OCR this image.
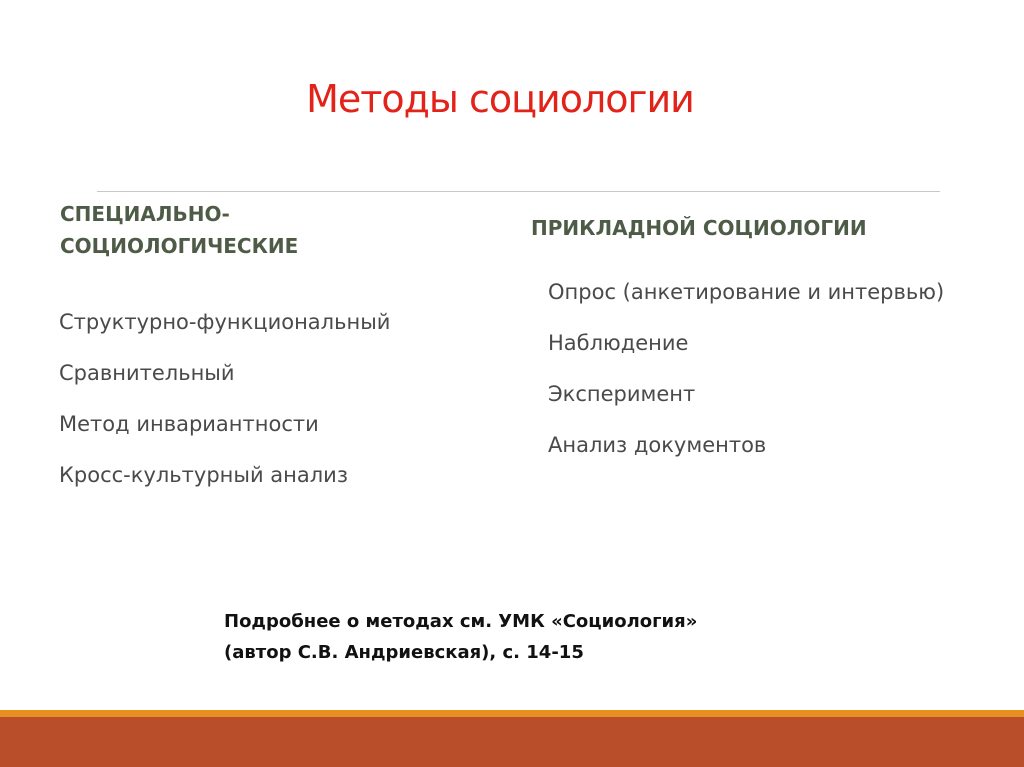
Методы социологии
СПЕЦИАЛЬНО-
СОЦИОЛОГИЧЕСКИЕ
ПРИКЛАДНОЙ СОЦИОЛОГИИ
Структурно-функциональный
Сравнительный
Метод инвариантности
Кросс-культурный анализ
Опрос (анкетирование и интервью)
Наблюдение
Эксперимент
Анализ документов
Подробнее о методах см. УМК «Социология»
(автор С.В. Андриевская), с. 14-15
